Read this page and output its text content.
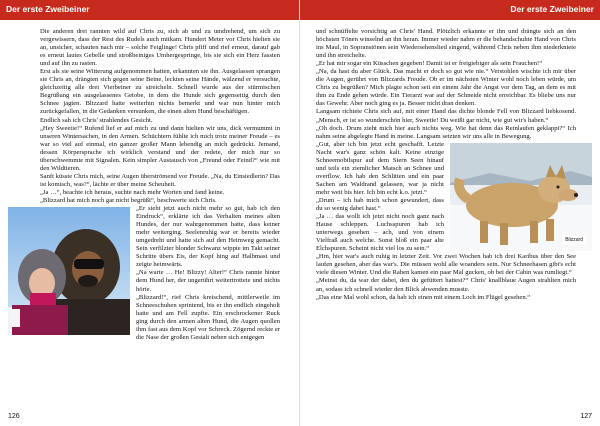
Der erste Zweibeiner

Die anderen drei rannten wild auf Chris zu, sich ab und zu umdrehend, um sich zu vergewissern, dass der Rest des Rudels auch mitkam. Hundert Meter vor Chris hielten sie an, unsicher, schauten nach mir – solche Feiglinge! Chris pfiff und rief erneut, darauf gab es erneut lautes Gebelle und stroßbeiniges Umhergespringe, bis sie sich ein Herz fassten und auf ihn zu rasten.

Erst als sie seine Witterung aufgenommen hatten, erkannten sie ihn. Ausgelassen sprangen sie Chris an, drängten sich gegen seine Beine, leckten seine Hände, wälzend er versuchte, gleichzeitig alle drei Vierbeiner zu streicheln. Schnell wurde aus der stürmischen Begrüßung ein ausgelassenes Getobe, in dem die Hunde sich gegenseitig durch den Schnee jagten. Blizzard hatte weiterhin nichts bemerkt und war nun hinter mich zurückgefallen, in die Gedanken versunken, die einen alten Hund beschäftigen.

Endlich sah ich Chris' strahlendes Gesicht.

„Hey Sweetie!“ Rufend lief er auf mich zu und dann hielten wir uns, dick vermummt in unseren Wintersachen, in den Armen. Schüchtern fühlte ich mich trotz meiner Freude – es war so viel auf einmal, ein ganzer großer Mann lebendig an mich gedrückt. Jemand, dessen Körpersprache ich wirklich verstand und der redete, der mich nur so überschwemmte mit Signalen. Kein simpler Austausch von „Freund oder Feind?“ wie mit den Wildtieren.

Sanft küsste Chris mich, seine Augen überströmend vor Freude. „Na, du Einsiedlerin? Das ist komisch, was?“, lächte er über meine Scheuheit.

„Ja …“, beachte ich heraus, suchte nach mehr Worten und fand keine.

„Blizzard hat mich noch gar nicht begrüßt“, beschwerte sich Chris.

„Er sieht jetzt auch nicht mehr so gut, hab ich den Eindruck“, erklärte ich das Verhalten meines alten Hundes, der nur wahrgenommen hatte, dass keiner mehr weiterging. Seelenruhig war er bereits wieder umgedreht und hatte sich auf den Heimweg gemacht. Sein verfilzter blonder Schwanz wippte im Takt seiner Schritte übers Eis, der Kopf hing auf Halbmast und zeigte heimwärts.

„Na warte … He! Blizzy! Alter!“ Chris rannte hinter dem Hund her, der ungerührt weitertrottete und nichts hörte.

„Blizzard!“, rief Chris kreischend, mittlerweile im Schneeschuhen sprintend, bis er ihn endlich eingeholt hatte und am Fell zupfte. Ein erschrockener Ruck ging durch den armen alten Hund, die Augen quollen ihm fast aus dem Kopf vor Schreck. Zögernd reckte er die Nase der großen Gestalt neben sich entgegen

126
Der erste Zweibeiner

und schnüffelte vorsichtig an Chris' Hand. Plötzlich erkannte er ihn und drängte sich an den höchsten Tönen winselnd an ihn heran. Immer wieder nahm er die behandschuhte Hand von Chris ins Maul, in Sopranstönen sein Wiedersehenslied singend, während Chris neben ihm niederkniete und ihn streichelte.

„Er hat mir sogar ein Küsschen gegeben! Damit ist er freigiebiger als sein Frauchen!“

„Na, da hast du aber Glück. Das macht er doch so gut wie nie.“ Verstohlen wischte ich mir über die Augen, gerührt von Blizzards Freude. Ob er im nächsten Winter wohl noch leben würde, um Chris zu begrüßen? Mich plagte schon seit ein einem Jahr die Angst vor dem Tag, an dem es mit ihm zu Ende gehen würde. Ein Tierarzt war auf der Schneide nicht erreichbar. Es bliebe uns nur das Gewehr. Aber noch ging es ja. Besser nicht dran denken.

Langsam richtete Chris sich auf, mit einer Hand das dichte blonde Fell von Blizzard liebkosend. „Mensch, er ist so wunderschön hier, Sweetie! Du weißt gar nicht, wie gut wir's haben.“

„Oh doch. Drum zieht mich hier auch nichts weg. Wie hat denn das Reinlaufen geklappt?“ Ich nahm seine abgelegte Hand in meine. Langsam setzten wir uns alle in Bewegung.

Blizzard

„Gut, aber ich bin jetzt echt geschafft. Letzte Nacht war's ganz schön kalt. Keine einzige Schneemobilspur auf dem Stern Seen hinauf und teils ein ziemlicher Matsch an Schnee und overflow. Ich hab den Schlitten und ein paar Sachen am Waldrand gelassen, war ja nicht mehr weit bis hier. Ich bin echt k.o. jetzt.“

„Drum – ich hab mich schon gewundert, dass du so wenig dabei hast.“

„Ja … das wollt ich jetzt nicht noch ganz nach Hause schleppen. Luchsspuren hab ich unterwegs gesehen – ach, und von einem Vielfraß auch welche. Sonst bloß ein paar alte Elchspuren. Scheint nicht viel los zu sein.“

„Hm, hier war's auch ruhig in letzter Zeit. Vor zwei Wochen hab ich drei Karibus über den See laufen gesehen, aber das war's. Die müssen wohl alle woanders sein. Nur Schneehasen gibt's echt viele diesen Winter. Und die Raben kamen ein paar Mal gucken, ob bei der Cabin was rumliegt.“

„Meinst du, da war der dabei, den du gefüttert hattest?“ Chris' knallblaue Augen strahlten mich an, sodass ich schnell wieder den Blick abwenden musste.

„Das eine Mal wohl schon, da hab ich einen mit einem Loch im Flügel gesehen.“

127
